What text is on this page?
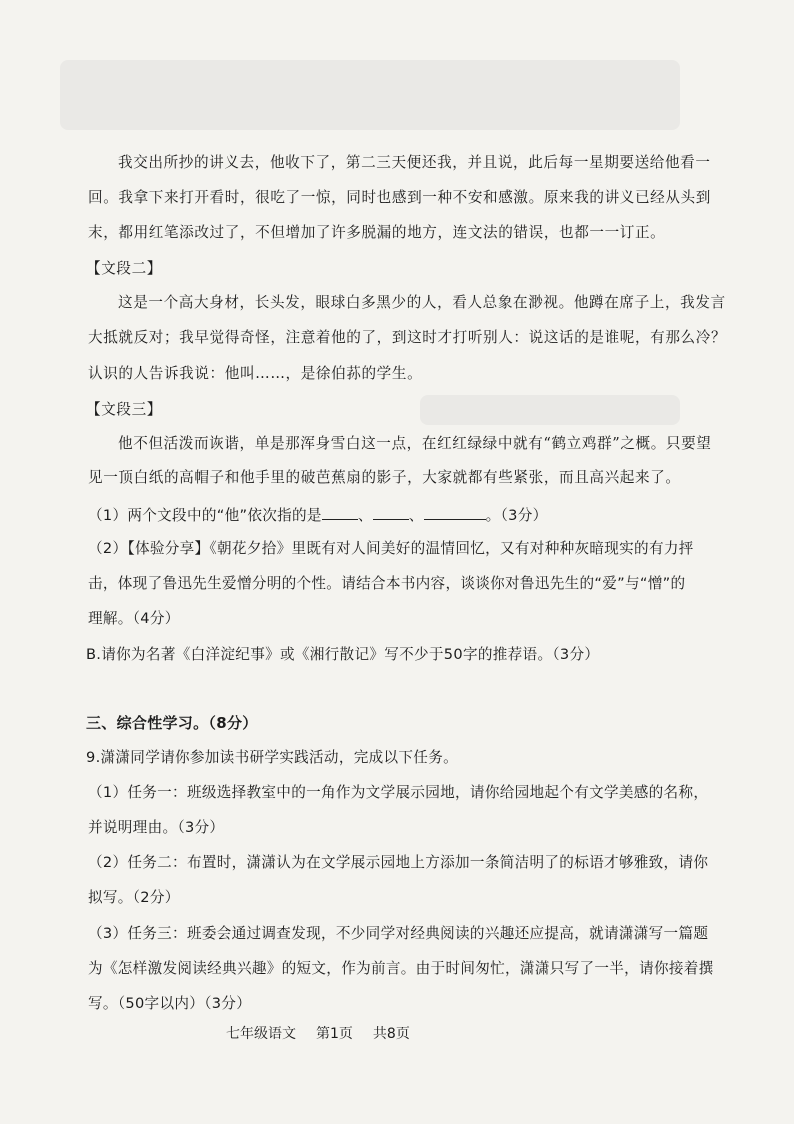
我交出所抄的讲义去，他收下了，第二三天便还我，并且说，此后每一星期要送给他看一
回。我拿下来打开看时，很吃了一惊，同时也感到一种不安和感激。原来我的讲义已经从头到
末，都用红笔添改过了，不但增加了许多脱漏的地方，连文法的错误，也都一一订正。
【文段二】
这是一个高大身材，长头发，眼球白多黑少的人，看人总象在渺视。他蹲在席子上，我发言
大抵就反对；我早觉得奇怪，注意着他的了，到这时才打听别人：说这话的是谁呢，有那么冷？
认识的人告诉我说：他叫……，是徐伯荪的学生。
【文段三】
他不但活泼而诙谐，单是那浑身雪白这一点，在红红绿绿中就有“鹤立鸡群”之概。只要望
见一顶白纸的高帽子和他手里的破芭蕉扇的影子，大家就都有些紧张，而且高兴起来了。
（1）两个文段中的“他”依次指的是 、 、	。（3分）
（2）【体验分享】《朝花夕拾》里既有对人间美好的温情回忆，又有对种种灰暗现实的有力抨
击，体现了鲁迅先生爱憎分明的个性。请结合本书内容，谈谈你对鲁迅先生的“爱”与“憎”的
理解。（4分）
B.请你为名著《白洋淀纪事》或《湘行散记》写不少于50字的推荐语。（3分）
三、综合性学习。（8分）
9.潇潇同学请你参加读书研学实践活动，完成以下任务。
（1）任务一：班级选择教室中的一角作为文学展示园地，请你给园地起个有文学美感的名称，
并说明理由。（3分）
（2）任务二：布置时，潇潇认为在文学展示园地上方添加一条简洁明了的标语才够雅致，请你
拟写。（2分）
（3）任务三：班委会通过调查发现，不少同学对经典阅读的兴趣还应提高，就请潇潇写一篇题
为《怎样激发阅读经典兴趣》的短文，作为前言。由于时间匆忙，潇潇只写了一半，请你接着撰
写。（50字以内）（3分）
七年级语文 第1页 共8页
